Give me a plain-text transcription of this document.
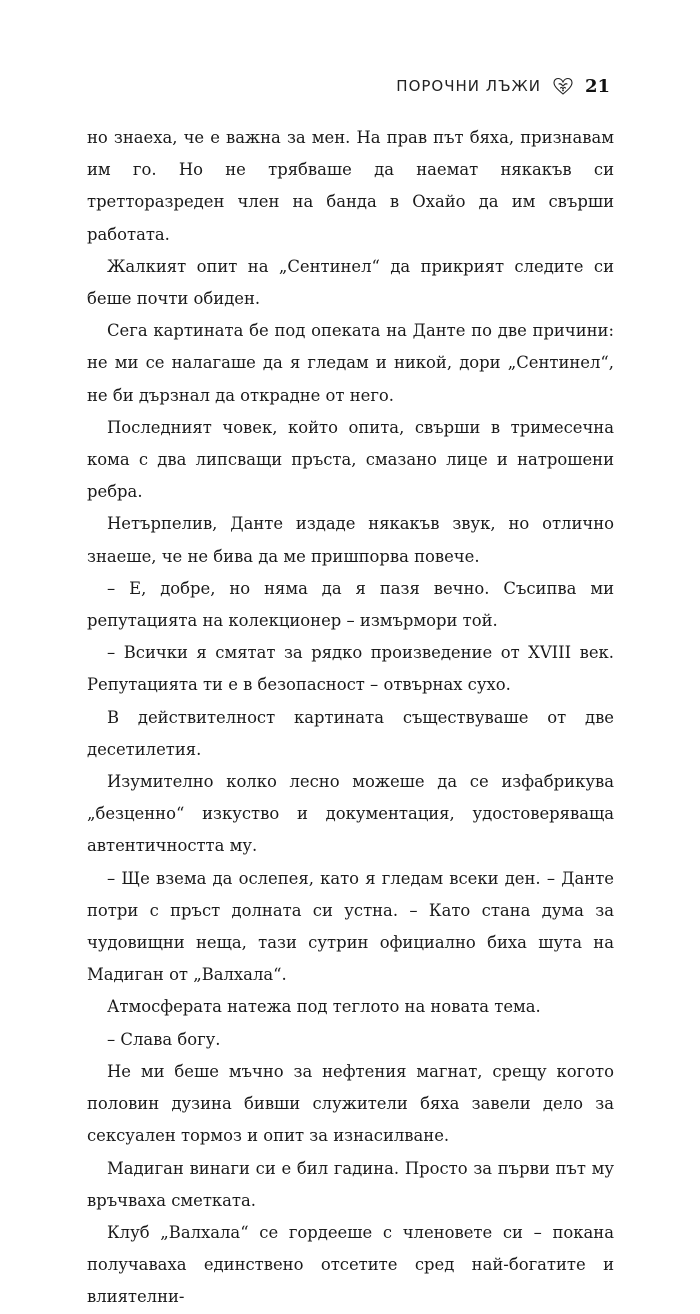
ПОРОЧНИ ЛЪЖИ 21

но знаеха, че е важна за мен. На прав път бяха, признавам им го. Но не трябваше да наемат някакъв си третторазреден член на банда в Охайо да им свърши работата.

Жалкият опит на „Сентинел“ да прикрият следите си беше почти обиден.

Сега картината бе под опеката на Данте по две причини: не ми се налагаше да я гледам и никой, дори „Сентинел“, не би дързнал да открадне от него.

Последният човек, който опита, свърши в тримесечна кома с два липсващи пръста, смазано лице и натрошени ребра.

Нетърпелив, Данте издаде някакъв звук, но отлично знаеше, че не бива да ме пришпорва повече.

– Е, добре, но няма да я пазя вечно. Съсипва ми репутацията на колекционер – измърмори той.

– Всички я смятат за рядко произведение от XVIII век. Репутацията ти е в безопасност – отвърнах сухо.

В действителност картината съществуваше от две десетилетия.

Изумително колко лесно можеше да се изфабрикува „безценно“ изкуство и документация, удостоверяваща автентичността му.

– Ще взема да ослепея, като я гледам всеки ден. – Данте потри с пръст долната си устна. – Като стана дума за чудовищни неща, тази сутрин официално биха шута на Мадиган от „Валхала“.

Атмосферата натежа под теглото на новата тема.

– Слава богу.

Не ми беше мъчно за нефтения магнат, срещу когото половин дузина бивши служители бяха завели дело за сексуален тормоз и опит за изнасилване.

Мадиган винаги си е бил гадина. Просто за първи път му връчваха сметката.

Клуб „Валхала“ се гордееше с членовете си – покана получаваха единствено отсетите сред най-богатите и влиятелни-
